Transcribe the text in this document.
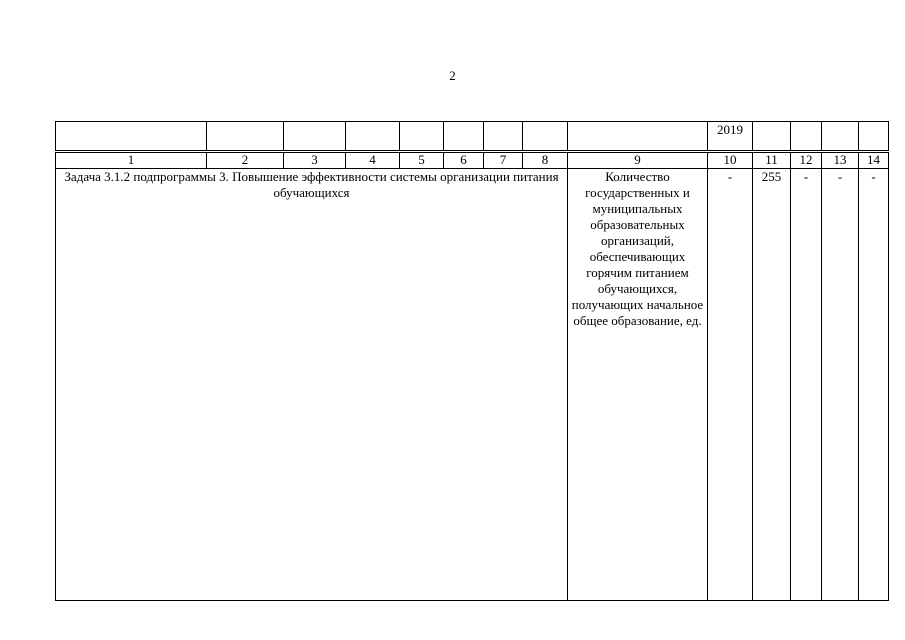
2
									2019				
1	2	3	4	5	6	7	8	9	10	11	12	13	14
Задача 3.1.2 подпрограммы 3. Повышение эффективности системы организации питания обучающихся								Количество государственных и муниципальных образовательных организаций, обеспечивающих горячим питанием обучающихся, получающих начальное общее образование, ед.	-	255	-	-	-
